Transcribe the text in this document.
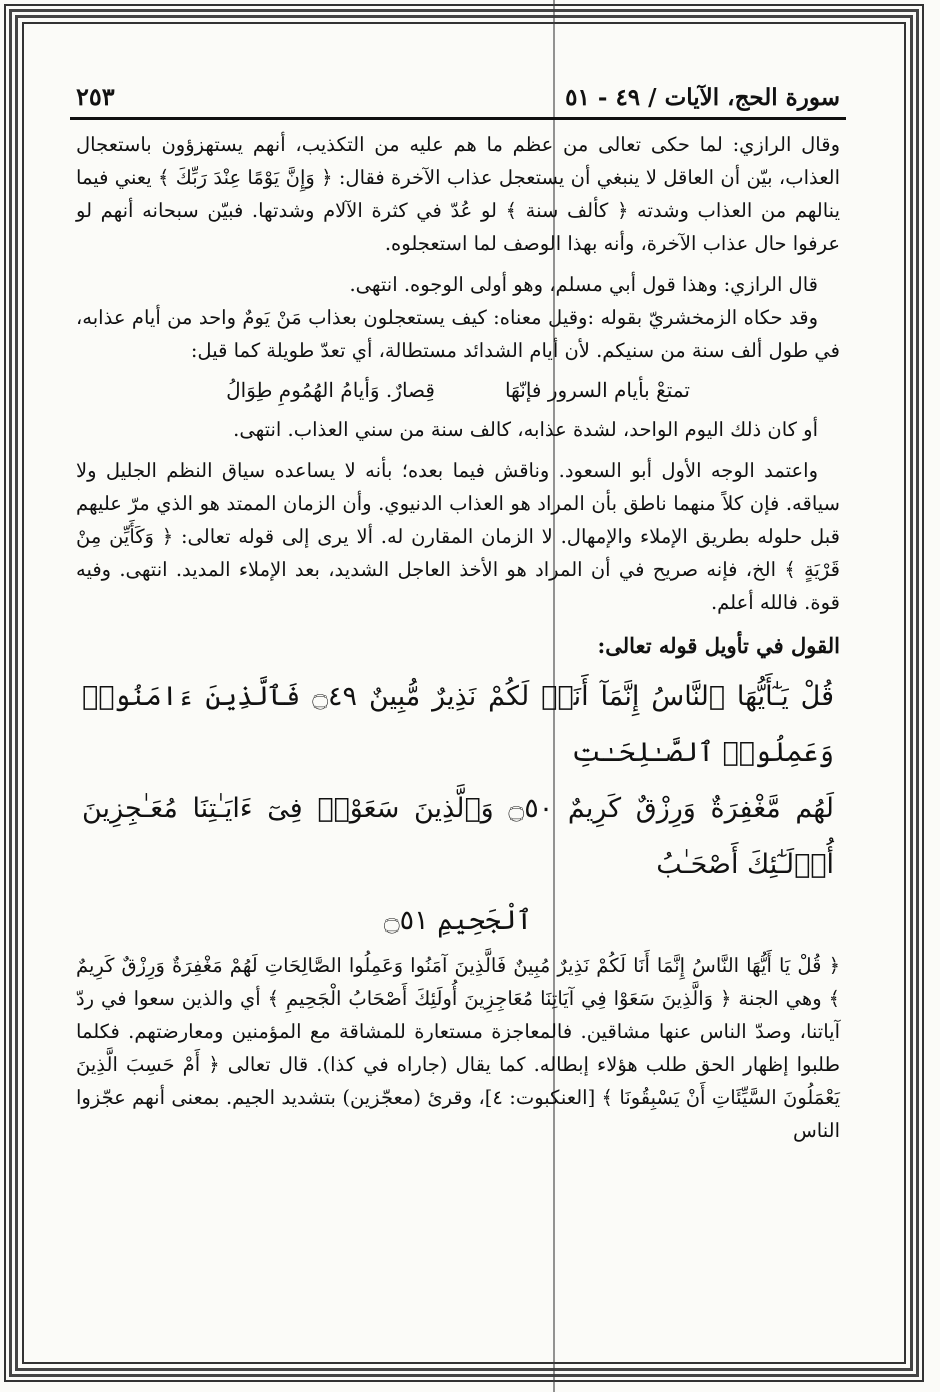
سورة الحج، الآيات / ٤٩ - ٥١
٢٥٣

وقال الرازي: لما حكى تعالى من عظم ما هم عليه من التكذيب، أنهم يستهزؤون باستعجال العذاب، بيّن أن العاقل لا ينبغي أن يستعجل عذاب الآخرة فقال: ﴿ وَإِنَّ يَوْمًا عِنْدَ رَبِّكَ ﴾ يعني فيما ينالهم من العذاب وشدته ﴿ كألف سنة ﴾ لو عُدّ في كثرة الآلام وشدتها. فبيّن سبحانه أنهم لو عرفوا حال عذاب الآخرة، وأنه بهذا الوصف لما استعجلوه.

قال الرازي: وهذا قول أبي مسلم، وهو أولى الوجوه. انتهى.

وقد حكاه الزمخشريّ بقوله :وقيل معناه: كيف يستعجلون بعذاب مَنْ يَومٌ واحد من أيام عذابه، في طول ألف سنة من سنيكم. لأن أيام الشدائد مستطالة، أي تعدّ طويلة كما قيل:

تمتعْ بأيام السرور فإنّهَا
قِصارٌ. وَأيامُ الهُمُومِ طِوَالُ

أو كان ذلك اليوم الواحد، لشدة عذابه، كالف سنة من سني العذاب. انتهى.

واعتمد الوجه الأول أبو السعود. وناقش فيما بعده؛ بأنه لا يساعده سياق النظم الجليل ولا سياقه. فإن كلاً منهما ناطق بأن المراد هو العذاب الدنيوي. وأن الزمان الممتد هو الذي مرّ عليهم قبل حلوله بطريق الإملاء والإمهال. لا الزمان المقارن له. ألا يرى إلى قوله تعالى: ﴿ وَكَأَيِّن مِنْ قَرْيَةٍ ﴾ الخ، فإنه صريح في أن المراد هو الأخذ العاجل الشديد، بعد الإملاء المديد. انتهى. وفيه قوة. فالله أعلم.

القول في تأويل قوله تعالى:

قُلْ يَـٰٓأَيُّهَا ٱلنَّاسُ إِنَّمَآ أَنَا۠ لَكُمْ نَذِيرٌ مُّبِينٌ ۝٤٩ فَٱلَّذِينَ ءَامَنُوا۟ وَعَمِلُوا۟ ٱلصَّـٰلِحَـٰتِ

لَهُم مَّغْفِرَةٌ وَرِزْقٌ كَرِيمٌ ۝٥٠ وَٱلَّذِينَ سَعَوْا۟ فِىٓ ءَايَـٰتِنَا مُعَـٰجِزِينَ أُو۟لَـٰٓئِكَ أَصْحَـٰبُ

ٱلْجَحِيمِ ۝٥١

﴿ قُلْ يَا أَيُّهَا النَّاسُ إِنَّمَا أَنَا لَكُمْ نَذِيرٌ مُبِينٌ فَالَّذِينَ آمَنُوا وَعَمِلُوا الصَّالِحَاتِ لَهُمْ مَغْفِرَةٌ وَرِزْقٌ كَرِيمٌ ﴾ وهي الجنة ﴿ وَالَّذِينَ سَعَوْا فِي آيَاتِنَا مُعَاجِزِينَ أُولَئِكَ أَصْحَابُ الْجَحِيمِ ﴾ أي والذين سعوا في ردّ آياتنا، وصدّ الناس عنها مشاقين. فالمعاجزة مستعارة للمشاقة مع المؤمنين ومعارضتهم. فكلما طلبوا إظهار الحق طلب هؤلاء إبطاله. كما يقال (جاراه في كذا). قال تعالى ﴿ أَمْ حَسِبَ الَّذِينَ يَعْمَلُونَ السَّيِّئَاتِ أَنْ يَسْبِقُونَا ﴾ [العنكبوت: ٤]، وقرئ (معجّزين) بتشديد الجيم. بمعنى أنهم عجّزوا الناس
